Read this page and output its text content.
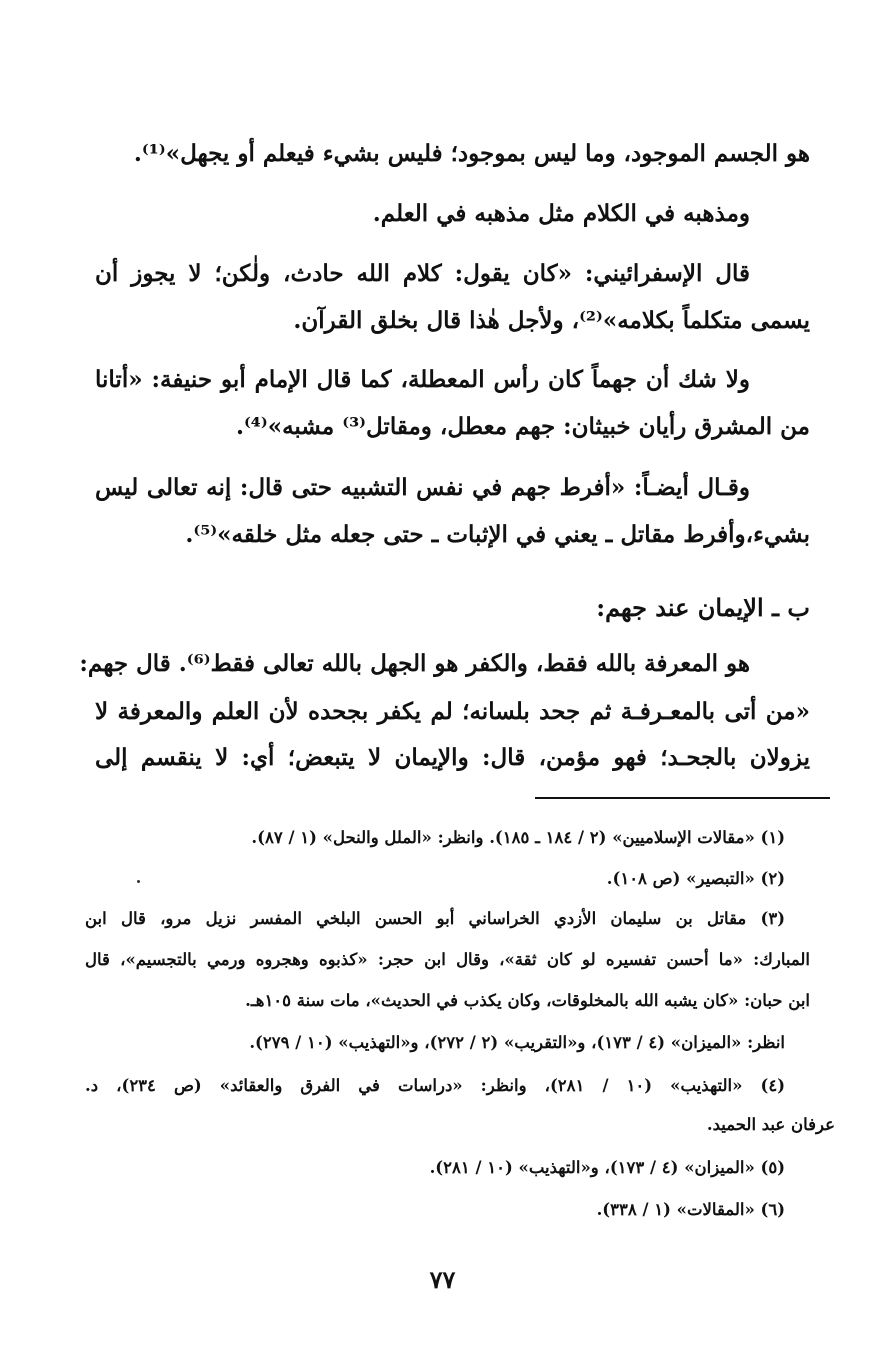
هو الجسم الموجود، وما ليس بموجود؛ فليس بشيء فيعلم أو يجهل»⁽¹⁾.
ومذهبه في الكلام مثل مذهبه في العلم.
قال الإسفرائيني: «كان يقول: كلام الله حادث، ولٰكن؛ لا يجوز أن
يسمى متكلماً بكلامه»⁽²⁾، ولأجل هٰذا قال بخلق القرآن.
ولا شك أن جهماً كان رأس المعطلة، كما قال الإمام أبو حنيفة: «أتانا
من المشرق رأيان خبيثان: جهم معطل، ومقاتل⁽³⁾ مشبه»⁽⁴⁾.
وقـال أيضـاً: «أفرط جهم في نفس التشبيه حتى قال: إنه تعالى ليس
بشيء،وأفرط مقاتل ـ يعني في الإثبات ـ حتى جعله مثل خلقه»⁽⁵⁾.
ب ـ الإيمان عند جهم:
هو المعرفة بالله فقط، والكفر هو الجهل بالله تعالى فقط⁽⁶⁾. قال جهم:
«من أتى بالمعـرفـة ثم جحد بلسانه؛ لم يكفر بجحده لأن العلم والمعرفة لا
يزولان بالجحـد؛ فهو مؤمن، قال: والإيمان لا يتبعض؛ أي: لا ينقسم إلى
(١) «مقالات الإسلاميين» (٢ / ١٨٤ ـ ١٨٥). وانظر: «الملل والنحل» (١ / ٨٧).
(٢) «التبصير» (ص ١٠٨).
(٣) مقاتل بن سليمان الأزدي الخراساني أبو الحسن البلخي المفسر نزيل مرو، قال ابن
المبارك: «ما أحسن تفسيره لو كان ثقة»، وقال ابن حجر: «كذبوه وهجروه ورمي بالتجسيم»، قال
ابن حبان: «كان يشبه الله بالمخلوقات، وكان يكذب في الحديث»، مات سنة ١٠٥هـ.
انظر: «الميزان» (٤ / ١٧٣)، و«التقريب» (٢ / ٢٧٢)، و«التهذيب» (١٠ / ٢٧٩).
(٤) «التهذيب» (١٠ / ٢٨١)، وانظر: «دراسات في الفرق والعقائد» (ص ٢٣٤)، د.
عرفان عبد الحميد.
(٥) «الميزان» (٤ / ١٧٣)، و«التهذيب» (١٠ / ٢٨١).
(٦) «المقالات» (١ / ٣٣٨).
٧٧
